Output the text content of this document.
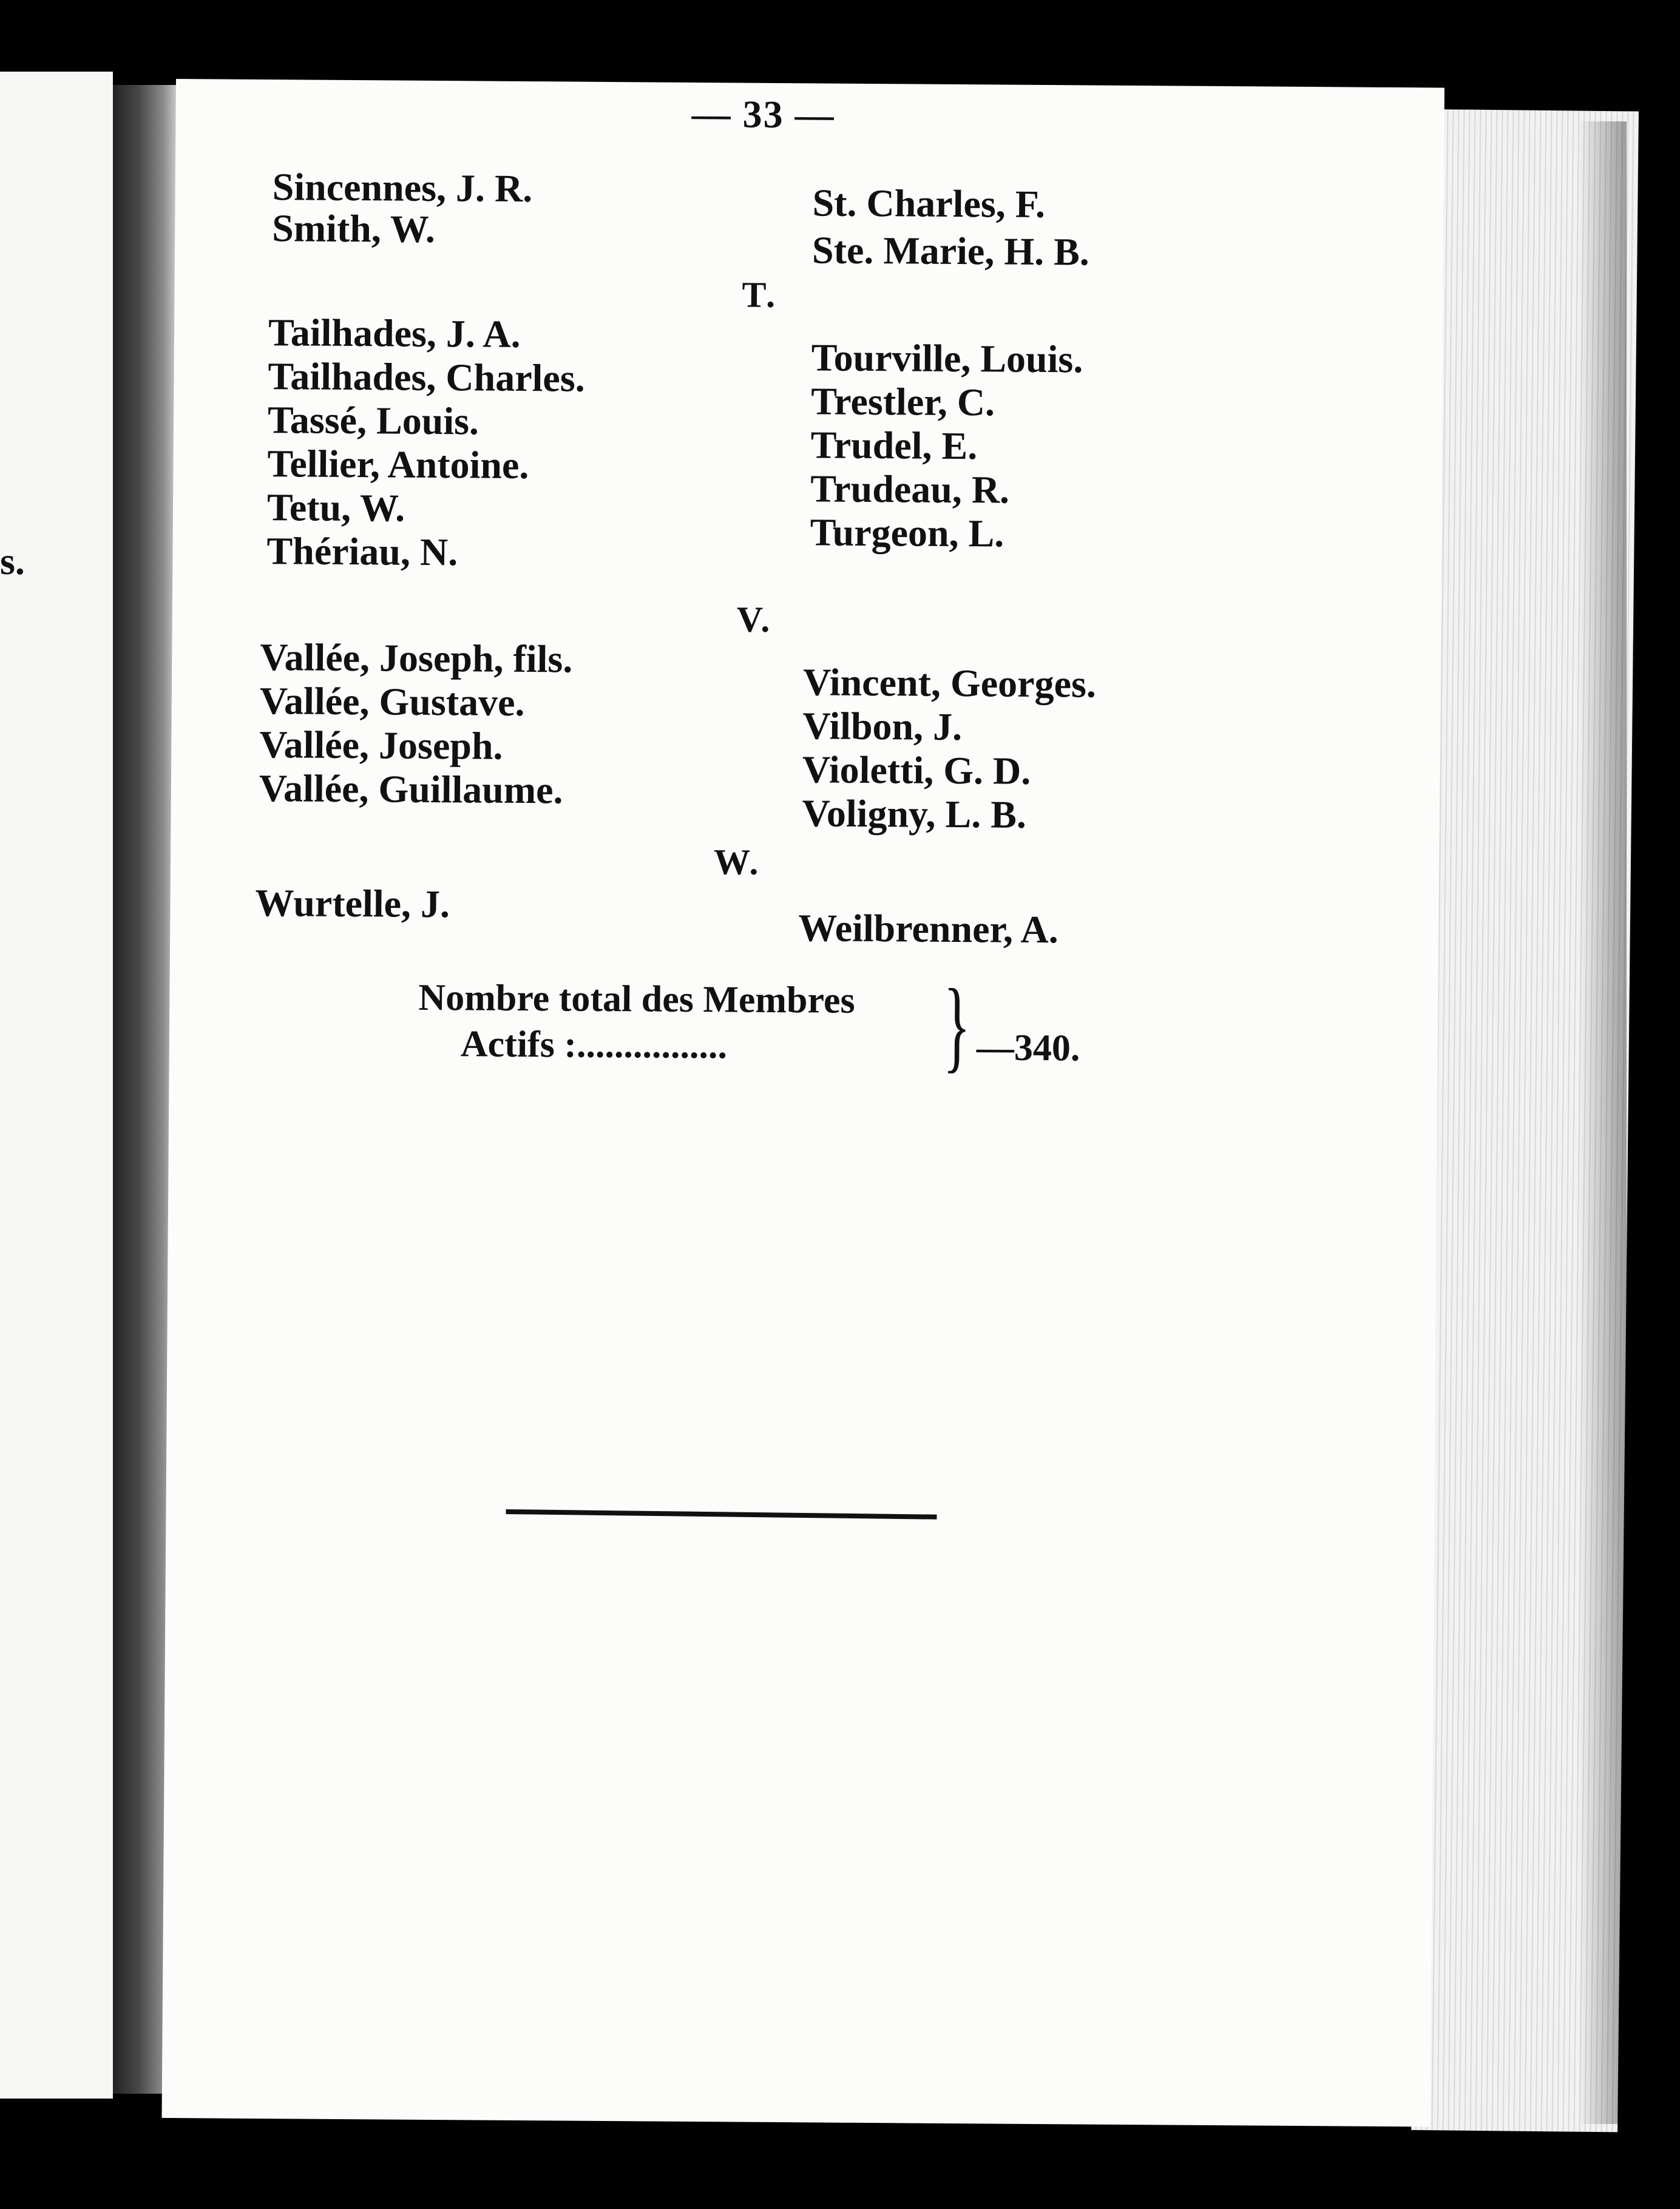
s.
— 33 —
Sincennes, J. R.
Smith, W.
St. Charles, F.
Ste. Marie, H. B.
T.
Tailhades, J. A.
Tailhades, Charles.
Tassé, Louis.
Tellier, Antoine.
Tetu, W.
Thériau, N.
Tourville, Louis.
Trestler, C.
Trudel, E.
Trudeau, R.
Turgeon, L.
V.
Vallée, Joseph, fils.
Vallée, Gustave.
Vallée, Joseph.
Vallée, Guillaume.
Vincent, Georges.
Vilbon, J.
Violetti, G. D.
Voligny, L. B.
W.
Wurtelle, J.
Weilbrenner, A.
Nombre total des Membres
Actifs :................ } —340.
